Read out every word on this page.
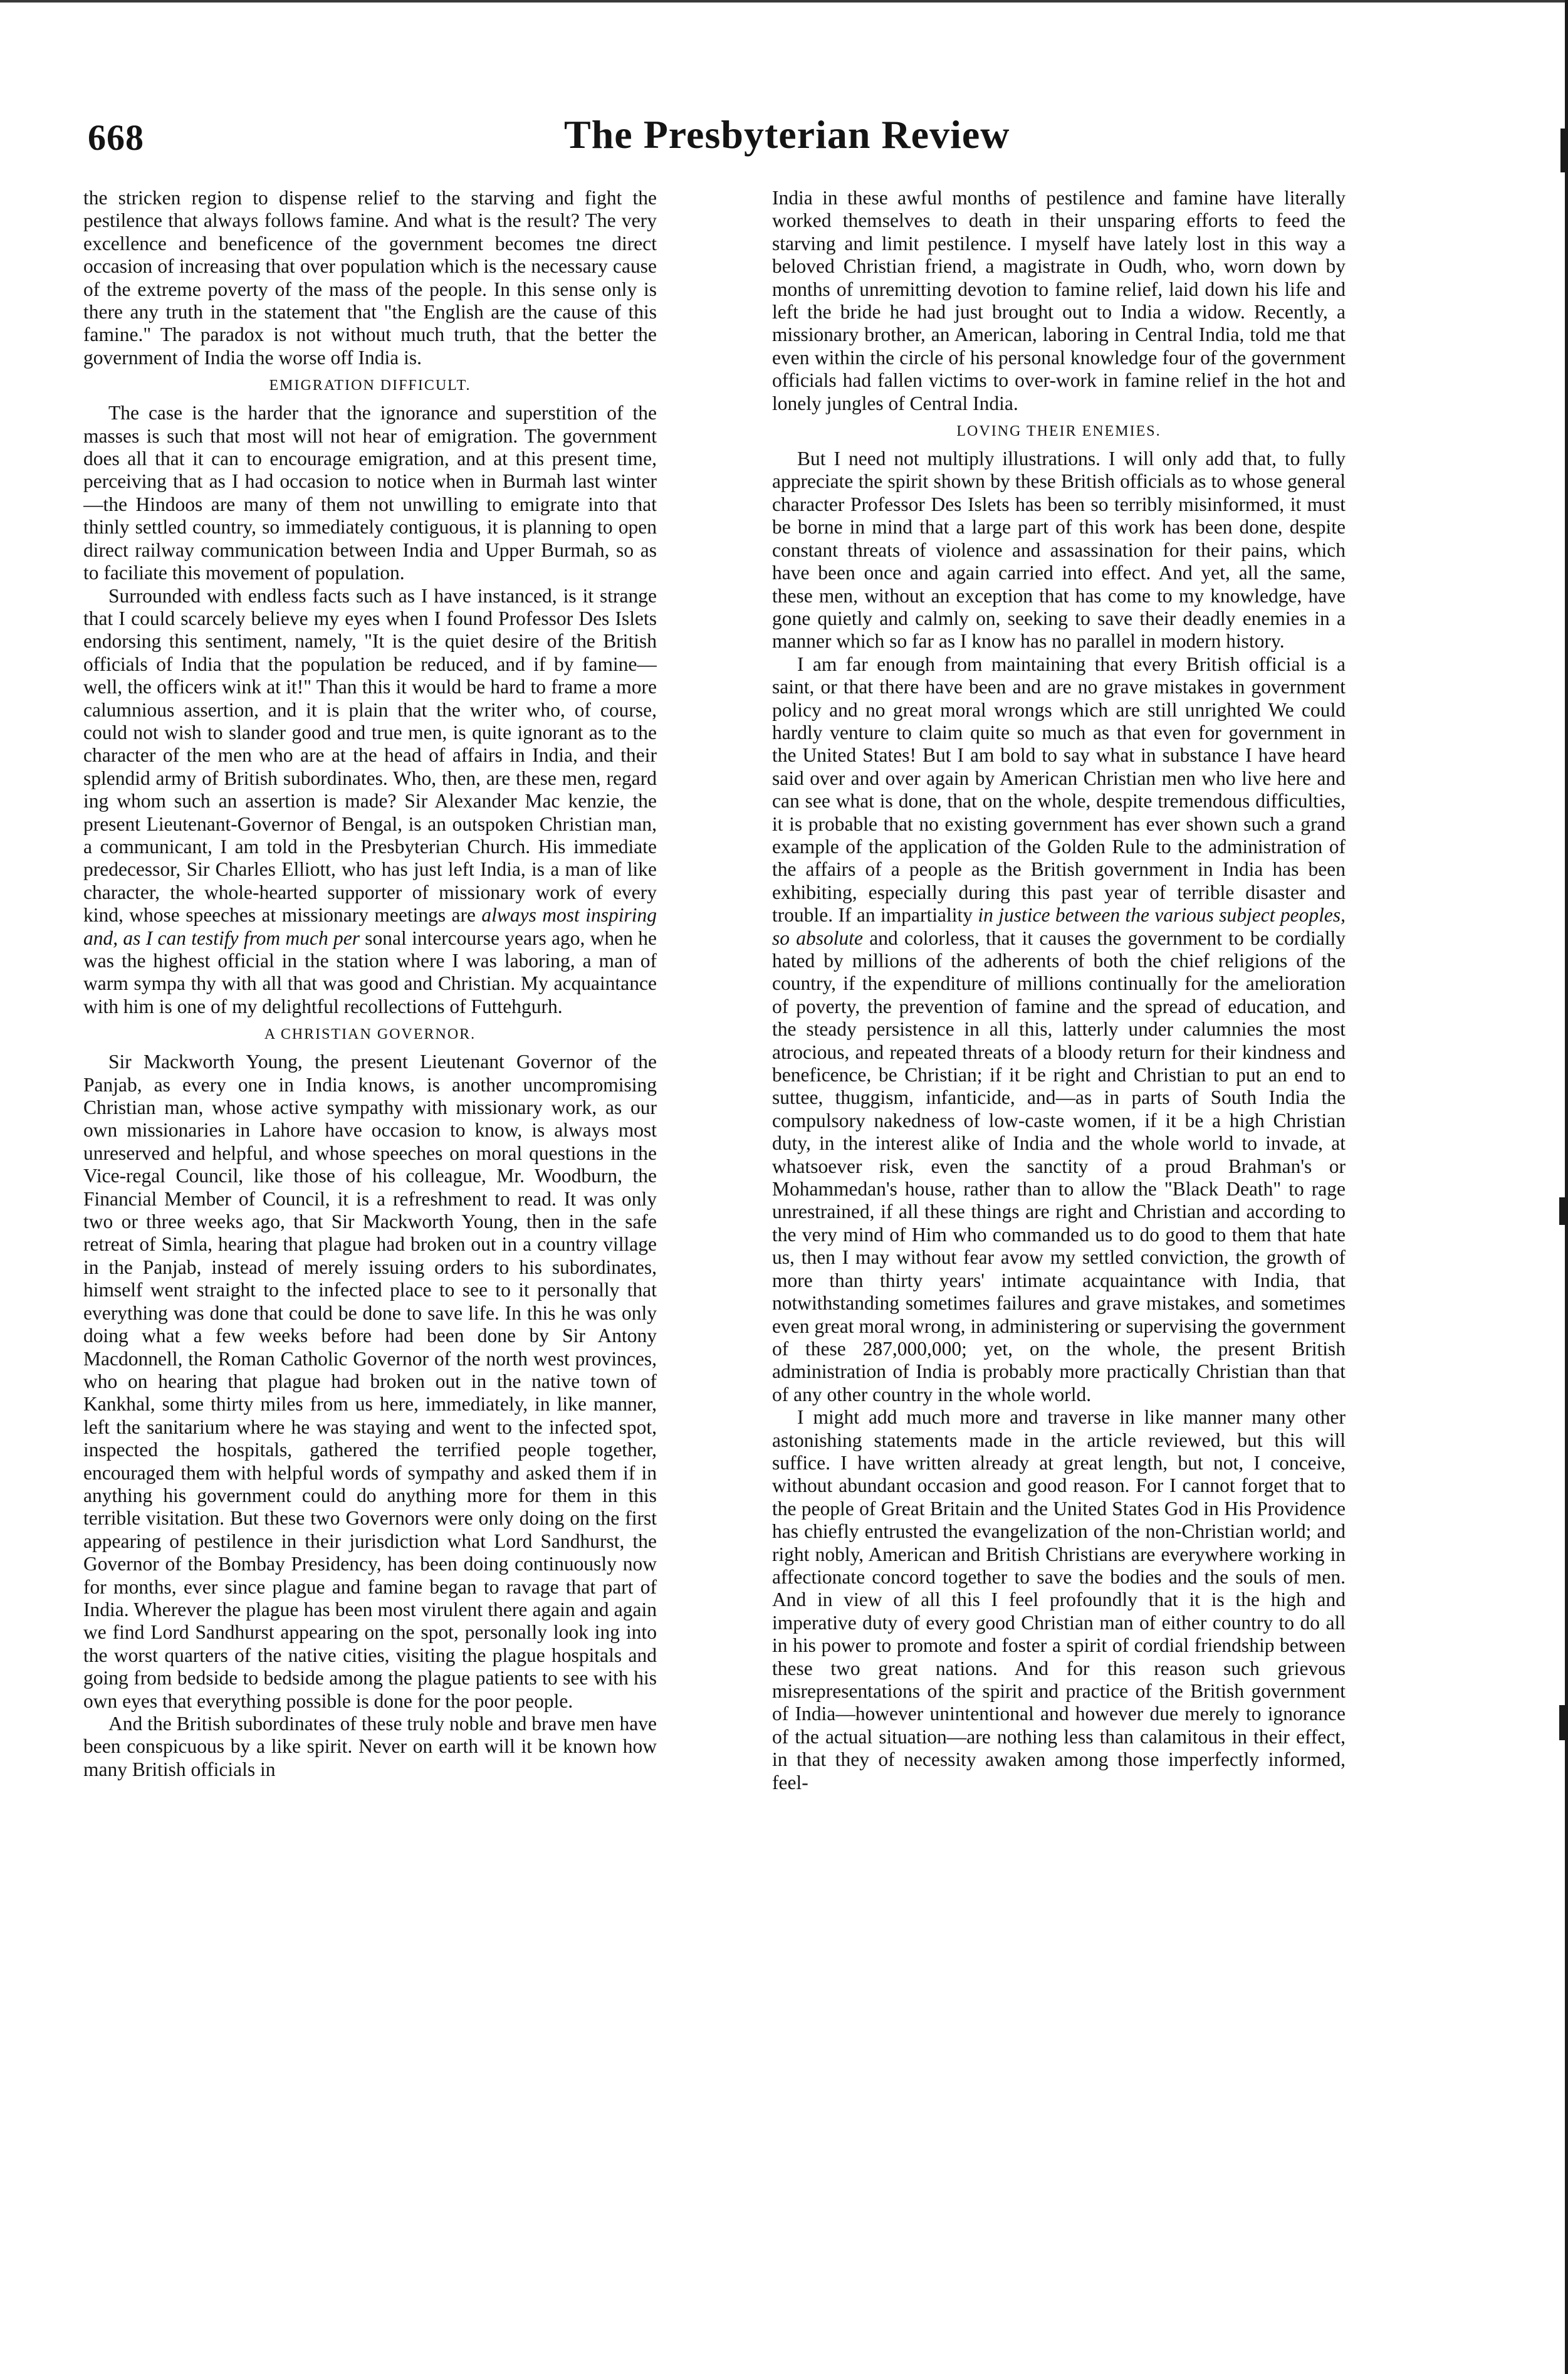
668	The Presbyterian Review

the stricken region to dispense relief to the starving and fight the pestilence that always follows famine. And what is the result? The very excellence and beneficence of the government becomes tne direct occasion of increasing that over population which is the necessary cause of the extreme poverty of the mass of the people. In this sense only is there any truth in the statement that "the English are the cause of this famine." The paradox is not without much truth, that the better the government of India the worse off India is.

EMIGRATION DIFFICULT.

The case is the harder that the ignorance and superstition of the masses is such that most will not hear of emigration. The government does all that it can to encourage emigration, and at this present time, perceiving that as I had occasion to notice when in Burmah last winter—the Hindoos are many of them not unwilling to emigrate into that thinly settled country, so immediately contiguous, it is planning to open direct railway communication between India and Upper Burmah, so as to faciliate this movement of population.

Surrounded with endless facts such as I have instanced, is it strange that I could scarcely believe my eyes when I found Professor Des Islets endorsing this sentiment, namely, "It is the quiet desire of the British officials of India that the population be reduced, and if by famine—well, the officers wink at it!" Than this it would be hard to frame a more calumnious assertion, and it is plain that the writer who, of course, could not wish to slander good and true men, is quite ignorant as to the character of the men who are at the head of affairs in India, and their splendid army of British subordinates. Who, then, are these men, regard ing whom such an assertion is made? Sir Alexander Mac kenzie, the present Lieutenant-Governor of Bengal, is an outspoken Christian man, a communicant, I am told in the Presbyterian Church. His immediate predecessor, Sir Charles Elliott, who has just left India, is a man of like character, the whole-hearted supporter of missionary work of every kind, whose speeches at missionary meetings are always most inspiring and, as I can testify from much per sonal intercourse years ago, when he was the highest official in the station where I was laboring, a man of warm sympa thy with all that was good and Christian. My acquaintance with him is one of my delightful recollections of Futtehgurh.

A CHRISTIAN GOVERNOR.

Sir Mackworth Young, the present Lieutenant Governor of the Panjab, as every one in India knows, is another uncompromising Christian man, whose active sympathy with missionary work, as our own missionaries in Lahore have occasion to know, is always most unreserved and helpful, and whose speeches on moral questions in the Vice-regal Council, like those of his colleague, Mr. Woodburn, the Financial Member of Council, it is a refreshment to read. It was only two or three weeks ago, that Sir Mackworth Young, then in the safe retreat of Simla, hearing that plague had broken out in a country village in the Panjab, instead of merely issuing orders to his subordinates, himself went straight to the infected place to see to it personally that everything was done that could be done to save life. In this he was only doing what a few weeks before had been done by Sir Antony Macdonnell, the Roman Catholic Governor of the north west provinces, who on hearing that plague had broken out in the native town of Kankhal, some thirty miles from us here, immediately, in like manner, left the sanitarium where he was staying and went to the infected spot, inspected the hospitals, gathered the terrified people together, encouraged them with helpful words of sympathy and asked them if in anything his government could do anything more for them in this terrible visitation. But these two Governors were only doing on the first appearing of pestilence in their jurisdiction what Lord Sandhurst, the Governor of the Bombay Presidency, has been doing continuously now for months, ever since plague and famine began to ravage that part of India. Wherever the plague has been most virulent there again and again we find Lord Sandhurst appearing on the spot, personally look ing into the worst quarters of the native cities, visiting the plague hospitals and going from bedside to bedside among the plague patients to see with his own eyes that everything possible is done for the poor people.

And the British subordinates of these truly noble and brave men have been conspicuous by a like spirit. Never on earth will it be known how many British officials in

India in these awful months of pestilence and famine have literally worked themselves to death in their unsparing efforts to feed the starving and limit pestilence. I myself have lately lost in this way a beloved Christian friend, a magistrate in Oudh, who, worn down by months of unremitting devotion to famine relief, laid down his life and left the bride he had just brought out to India a widow. Recently, a missionary brother, an American, laboring in Central India, told me that even within the circle of his personal knowledge four of the government officials had fallen victims to over-work in famine relief in the hot and lonely jungles of Central India.

LOVING THEIR ENEMIES.

But I need not multiply illustrations. I will only add that, to fully appreciate the spirit shown by these British officials as to whose general character Professor Des Islets has been so terribly misinformed, it must be borne in mind that a large part of this work has been done, despite constant threats of violence and assassination for their pains, which have been once and again carried into effect. And yet, all the same, these men, without an exception that has come to my knowledge, have gone quietly and calmly on, seeking to save their deadly enemies in a manner which so far as I know has no parallel in modern history.

I am far enough from maintaining that every British official is a saint, or that there have been and are no grave mistakes in government policy and no great moral wrongs which are still unrighted We could hardly venture to claim quite so much as that even for government in the United States! But I am bold to say what in substance I have heard said over and over again by American Christian men who live here and can see what is done, that on the whole, despite tremendous difficulties, it is probable that no existing government has ever shown such a grand example of the application of the Golden Rule to the administration of the affairs of a people as the British government in India has been exhibiting, especially during this past year of terrible disaster and trouble. If an impartiality in justice between the various subject peoples, so absolute and colorless, that it causes the government to be cordially hated by millions of the adherents of both the chief religions of the country, if the expenditure of millions continually for the amelioration of poverty, the prevention of famine and the spread of education, and the steady persistence in all this, latterly under calumnies the most atrocious, and repeated threats of a bloody return for their kindness and beneficence, be Christian; if it be right and Christian to put an end to suttee, thuggism, infanticide, and—as in parts of South India the compulsory nakedness of low-caste women, if it be a high Christian duty, in the interest alike of India and the whole world to invade, at whatsoever risk, even the sanctity of a proud Brahman's or Mohammedan's house, rather than to allow the "Black Death" to rage unrestrained, if all these things are right and Christian and according to the very mind of Him who commanded us to do good to them that hate us, then I may without fear avow my settled conviction, the growth of more than thirty years' intimate acquaintance with India, that notwithstanding sometimes failures and grave mistakes, and sometimes even great moral wrong, in administering or supervising the government of these 287,000,000; yet, on the whole, the present British administration of India is probably more practically Christian than that of any other country in the whole world.

I might add much more and traverse in like manner many other astonishing statements made in the article reviewed, but this will suffice. I have written already at great length, but not, I conceive, without abundant occasion and good reason. For I cannot forget that to the people of Great Britain and the United States God in His Providence has chiefly entrusted the evangelization of the non-Christian world; and right nobly, American and British Christians are everywhere working in affectionate concord together to save the bodies and the souls of men. And in view of all this I feel profoundly that it is the high and imperative duty of every good Christian man of either country to do all in his power to promote and foster a spirit of cordial friendship between these two great nations. And for this reason such grievous misrepresentations of the spirit and practice of the British government of India—however unintentional and however due merely to ignorance of the actual situation—are nothing less than calamitous in their effect, in that they of necessity awaken among those imperfectly informed, feel-
